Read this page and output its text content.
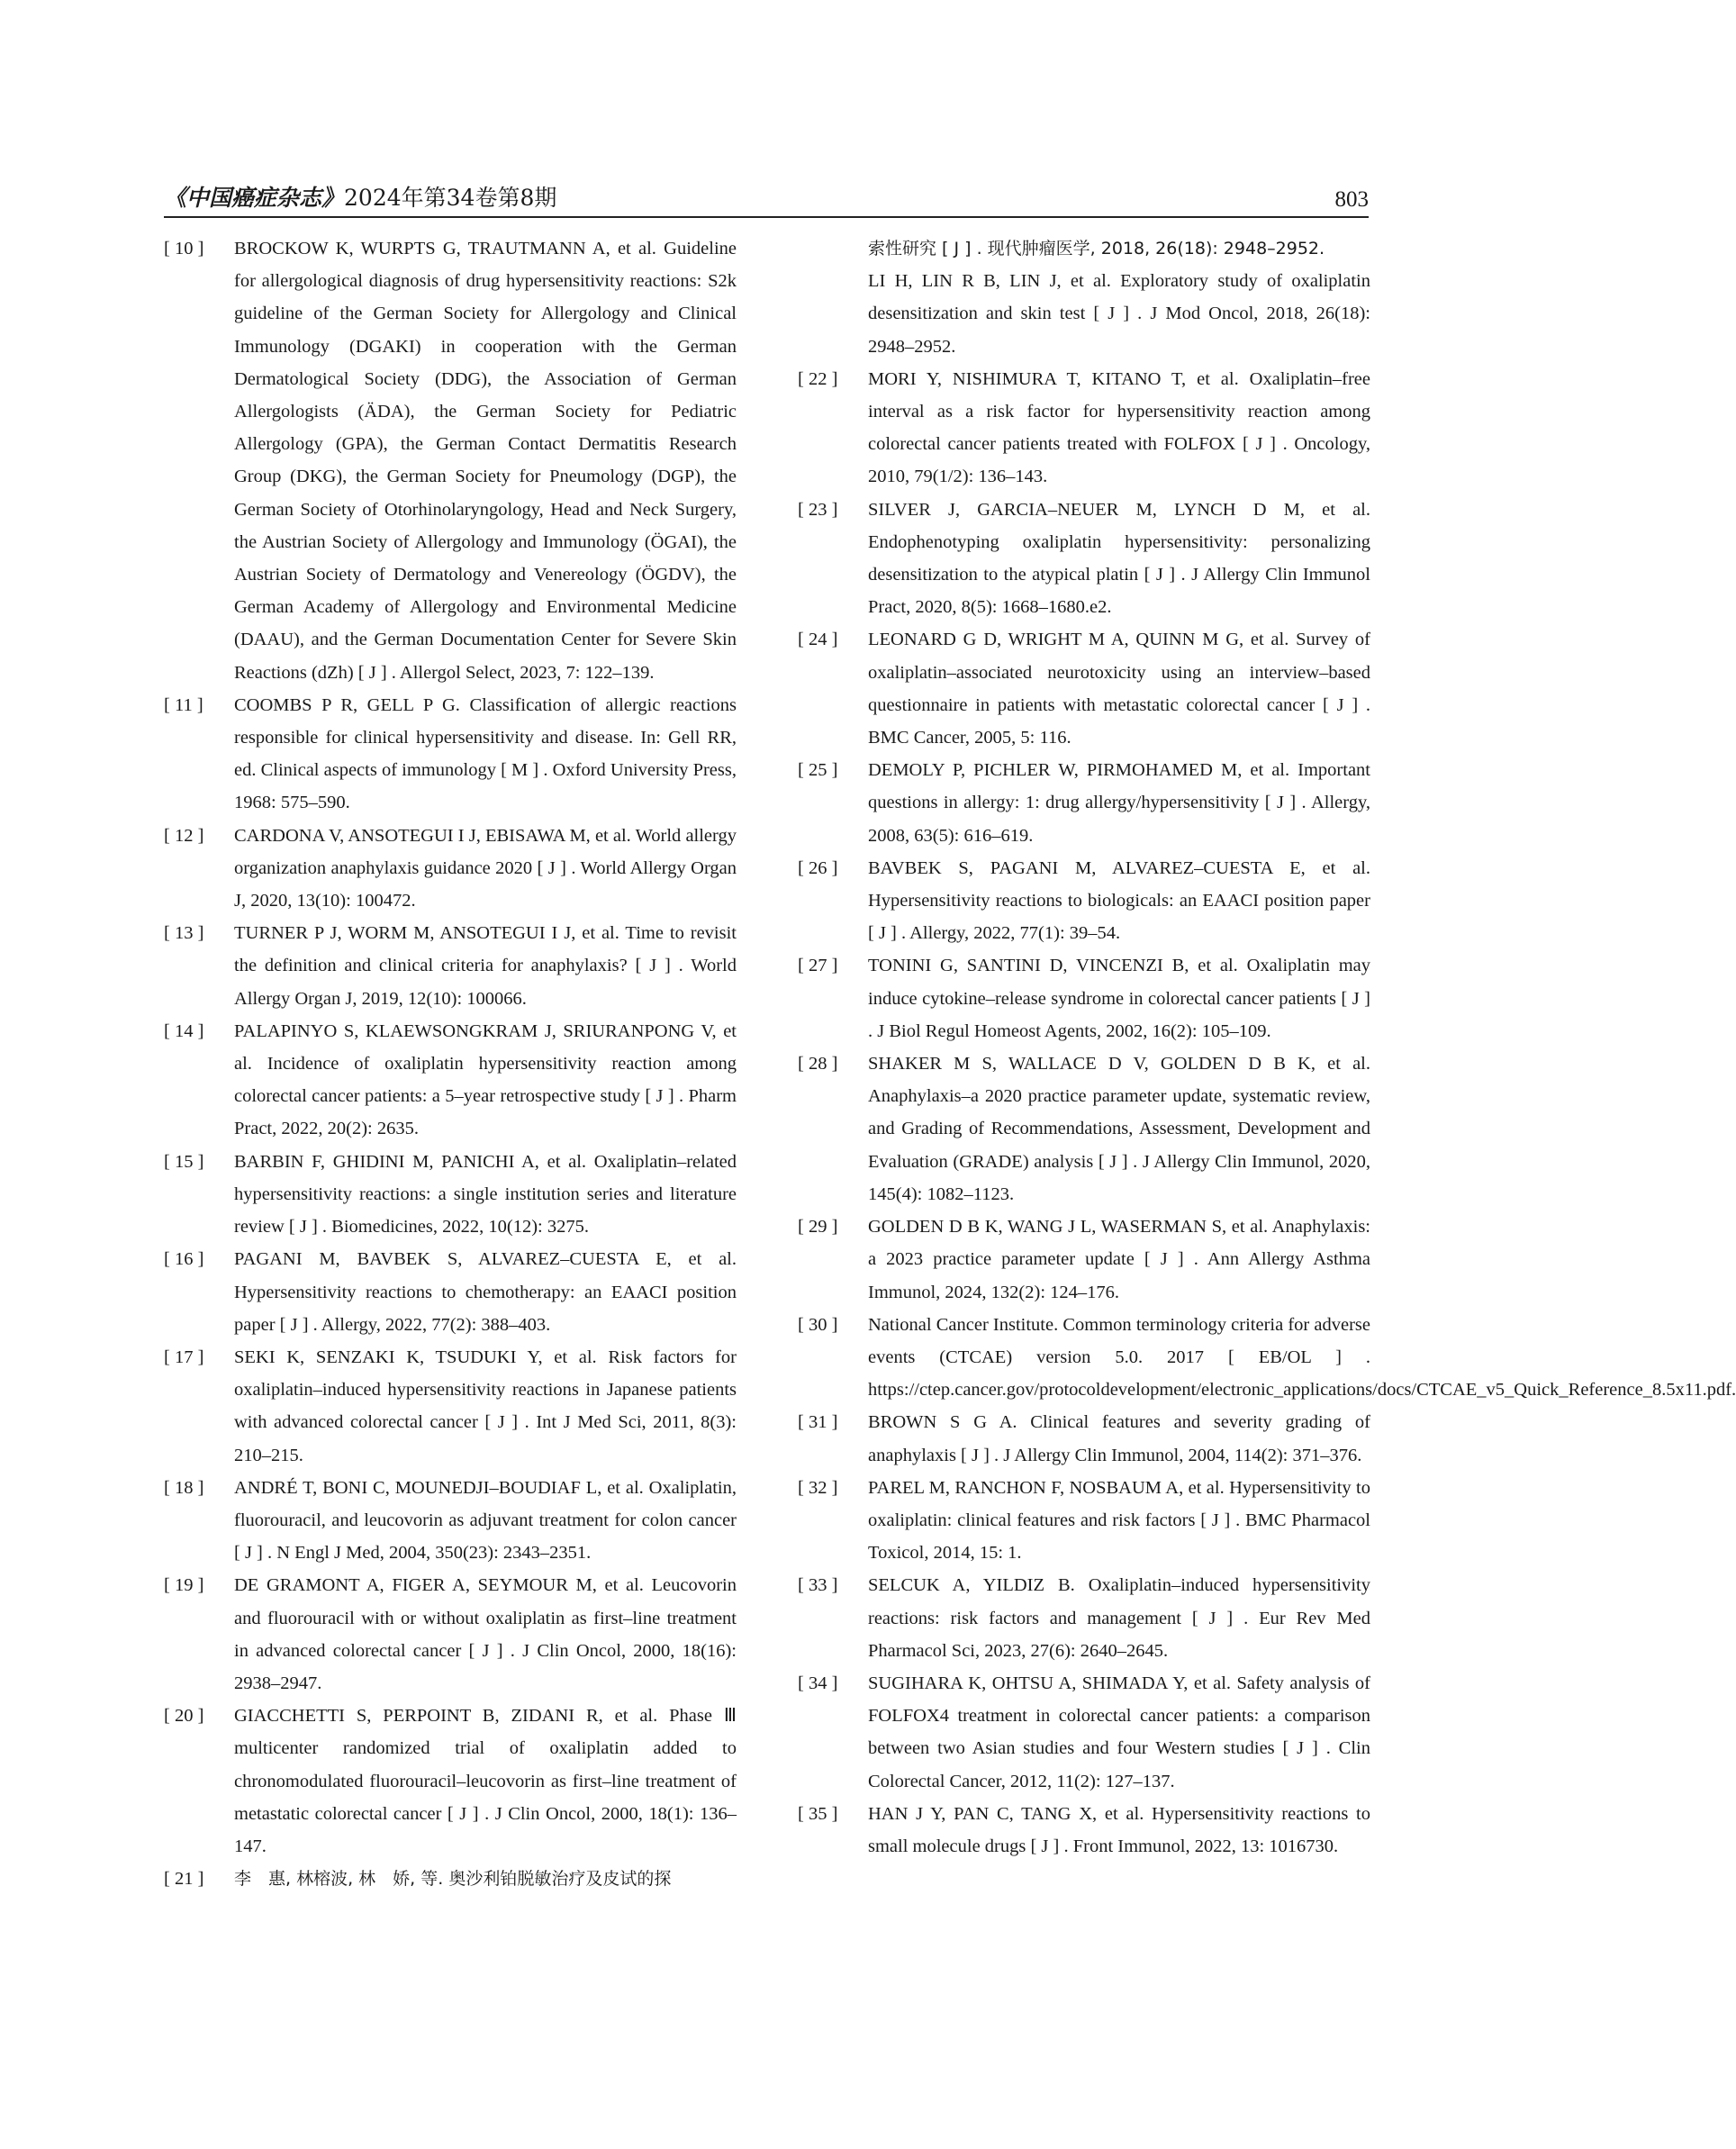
《中国癌症杂志》2024年第34卷第8期	803
[ 10 ] BROCKOW K, WURPTS G, TRAUTMANN A, et al. Guideline for allergological diagnosis of drug hypersensitivity reactions: S2k guideline of the German Society for Allergology and Clinical Immunology (DGAKI) in cooperation with the German Dermatological Society (DDG), the Association of German Allergologists (ÄDA), the German Society for Pediatric Allergology (GPA), the German Contact Dermatitis Research Group (DKG), the German Society for Pneumology (DGP), the German Society of Otorhinolaryngology, Head and Neck Surgery, the Austrian Society of Allergology and Immunology (ÖGAI), the Austrian Society of Dermatology and Venereology (ÖGDV), the German Academy of Allergology and Environmental Medicine (DAAU), and the German Documentation Center for Severe Skin Reactions (dZh) [ J ] . Allergol Select, 2023, 7: 122–139.
[ 11 ] COOMBS P R, GELL P G. Classification of allergic reactions responsible for clinical hypersensitivity and disease. In: Gell RR, ed. Clinical aspects of immunology [ M ] . Oxford University Press, 1968: 575–590.
[ 12 ] CARDONA V, ANSOTEGUI I J, EBISAWA M, et al. World allergy organization anaphylaxis guidance 2020 [ J ] . World Allergy Organ J, 2020, 13(10): 100472.
[ 13 ] TURNER P J, WORM M, ANSOTEGUI I J, et al. Time to revisit the definition and clinical criteria for anaphylaxis? [ J ] . World Allergy Organ J, 2019, 12(10): 100066.
[ 14 ] PALAPINYO S, KLAEWSONGKRAM J, SRIURANPONG V, et al. Incidence of oxaliplatin hypersensitivity reaction among colorectal cancer patients: a 5–year retrospective study [ J ] . Pharm Pract, 2022, 20(2): 2635.
[ 15 ] BARBIN F, GHIDINI M, PANICHI A, et al. Oxaliplatin–related hypersensitivity reactions: a single institution series and literature review [ J ] . Biomedicines, 2022, 10(12): 3275.
[ 16 ] PAGANI M, BAVBEK S, ALVAREZ–CUESTA E, et al. Hypersensitivity reactions to chemotherapy: an EAACI position paper [ J ] . Allergy, 2022, 77(2): 388–403.
[ 17 ] SEKI K, SENZAKI K, TSUDUKI Y, et al. Risk factors for oxaliplatin–induced hypersensitivity reactions in Japanese patients with advanced colorectal cancer [ J ] . Int J Med Sci, 2011, 8(3): 210–215.
[ 18 ] ANDRÉ T, BONI C, MOUNEDJI–BOUDIAF L, et al. Oxaliplatin, fluorouracil, and leucovorin as adjuvant treatment for colon cancer [ J ] . N Engl J Med, 2004, 350(23): 2343–2351.
[ 19 ] DE GRAMONT A, FIGER A, SEYMOUR M, et al. Leucovorin and fluorouracil with or without oxaliplatin as first–line treatment in advanced colorectal cancer [ J ] . J Clin Oncol, 2000, 18(16): 2938–2947.
[ 20 ] GIACCHETTI S, PERPOINT B, ZIDANI R, et al. Phase Ⅲ multicenter randomized trial of oxaliplatin added to chronomodulated fluorouracil–leucovorin as first–line treatment of metastatic colorectal cancer [ J ] . J Clin Oncol, 2000, 18(1): 136–147.
[ 21 ] 李　惠, 林榕波, 林　娇, 等. 奥沙利铂脱敏治疗及皮试的探
索性研究 [ J ] . 现代肿瘤医学, 2018, 26(18): 2948–2952.
LI H, LIN R B, LIN J, et al. Exploratory study of oxaliplatin desensitization and skin test [ J ] . J Mod Oncol, 2018, 26(18): 2948–2952.
[ 22 ] MORI Y, NISHIMURA T, KITANO T, et al. Oxaliplatin–free interval as a risk factor for hypersensitivity reaction among colorectal cancer patients treated with FOLFOX [ J ] . Oncology, 2010, 79(1/2): 136–143.
[ 23 ] SILVER J, GARCIA–NEUER M, LYNCH D M, et al. Endophenotyping oxaliplatin hypersensitivity: personalizing desensitization to the atypical platin [ J ] . J Allergy Clin Immunol Pract, 2020, 8(5): 1668–1680.e2.
[ 24 ] LEONARD G D, WRIGHT M A, QUINN M G, et al. Survey of oxaliplatin–associated neurotoxicity using an interview–based questionnaire in patients with metastatic colorectal cancer [ J ] . BMC Cancer, 2005, 5: 116.
[ 25 ] DEMOLY P, PICHLER W, PIRMOHAMED M, et al. Important questions in allergy: 1: drug allergy/hypersensitivity [ J ] . Allergy, 2008, 63(5): 616–619.
[ 26 ] BAVBEK S, PAGANI M, ALVAREZ–CUESTA E, et al. Hypersensitivity reactions to biologicals: an EAACI position paper [ J ] . Allergy, 2022, 77(1): 39–54.
[ 27 ] TONINI G, SANTINI D, VINCENZI B, et al. Oxaliplatin may induce cytokine–release syndrome in colorectal cancer patients [ J ] . J Biol Regul Homeost Agents, 2002, 16(2): 105–109.
[ 28 ] SHAKER M S, WALLACE D V, GOLDEN D B K, et al. Anaphylaxis–a 2020 practice parameter update, systematic review, and Grading of Recommendations, Assessment, Development and Evaluation (GRADE) analysis [ J ] . J Allergy Clin Immunol, 2020, 145(4): 1082–1123.
[ 29 ] GOLDEN D B K, WANG J L, WASERMAN S, et al. Anaphylaxis: a 2023 practice parameter update [ J ] . Ann Allergy Asthma Immunol, 2024, 132(2): 124–176.
[ 30 ] National Cancer Institute. Common terminology criteria for adverse events (CTCAE) version 5.0. 2017 [ EB/OL ] . https://ctep.cancer.gov/protocoldevelopment/electronic_applications/docs/CTCAE_v5_Quick_Reference_8.5x11.pdf.
[ 31 ] BROWN S G A. Clinical features and severity grading of anaphylaxis [ J ] . J Allergy Clin Immunol, 2004, 114(2): 371–376.
[ 32 ] PAREL M, RANCHON F, NOSBAUM A, et al. Hypersensitivity to oxaliplatin: clinical features and risk factors [ J ] . BMC Pharmacol Toxicol, 2014, 15: 1.
[ 33 ] SELCUK A, YILDIZ B. Oxaliplatin–induced hypersensitivity reactions: risk factors and management [ J ] . Eur Rev Med Pharmacol Sci, 2023, 27(6): 2640–2645.
[ 34 ] SUGIHARA K, OHTSU A, SHIMADA Y, et al. Safety analysis of FOLFOX4 treatment in colorectal cancer patients: a comparison between two Asian studies and four Western studies [ J ] . Clin Colorectal Cancer, 2012, 11(2): 127–137.
[ 35 ] HAN J Y, PAN C, TANG X, et al. Hypersensitivity reactions to small molecule drugs [ J ] . Front Immunol, 2022, 13: 1016730.
